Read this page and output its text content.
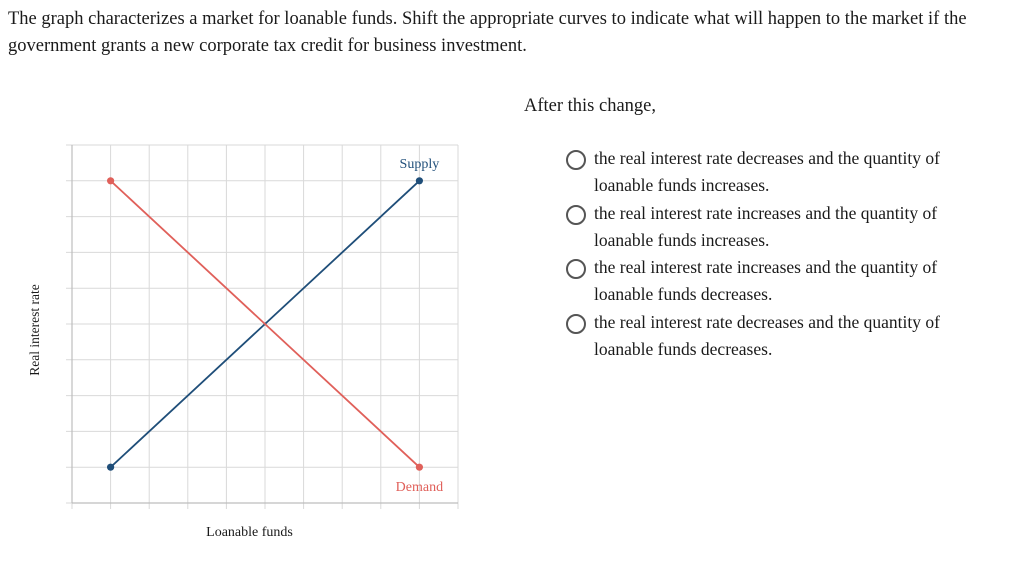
The graph characterizes a market for loanable funds. Shift the appropriate curves to indicate what will happen to the market if the government grants a new corporate tax credit for business investment.

Supply
Demand
Real interest rate
Loanable funds
After this change,
the real interest rate decreases and the quantity of loanable funds increases.
the real interest rate increases and the quantity of loanable funds increases.
the real interest rate increases and the quantity of loanable funds decreases.
the real interest rate decreases and the quantity of loanable funds decreases.
